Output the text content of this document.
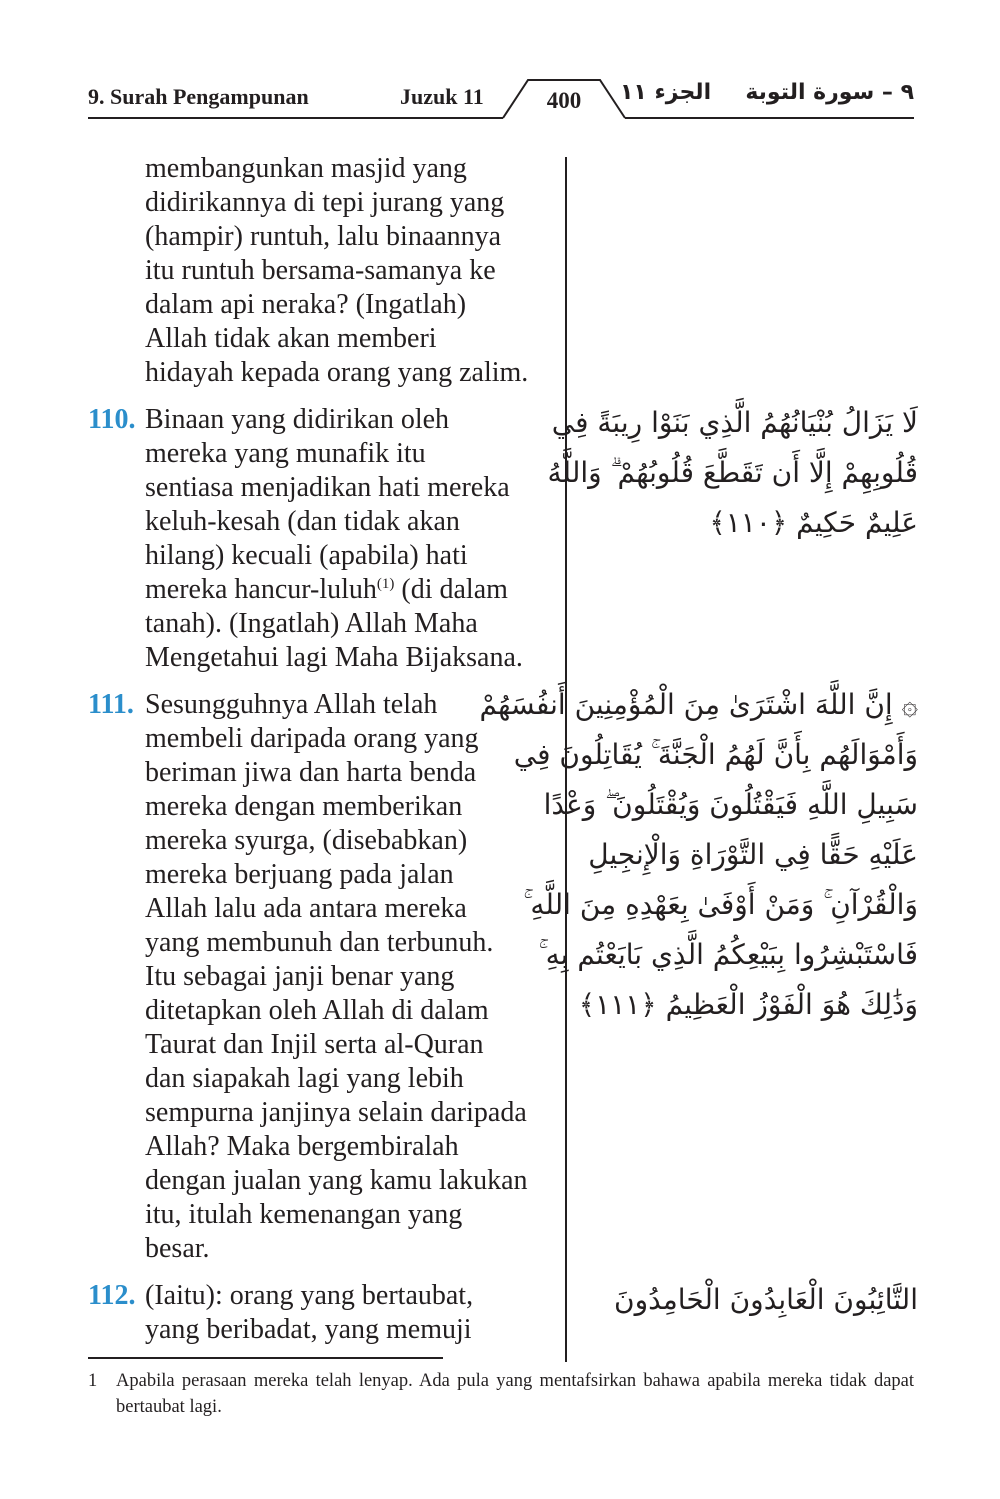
9. Surah Pengampunan	Juzuk 11	400	الجزء ١١ ٩ – سورة التوبة
membangunkan masjid yang
didirikannya di tepi jurang yang
(hampir) runtuh, lalu binaannya
itu runtuh bersama-samanya ke
dalam api neraka? (Ingatlah)
Allah tidak akan memberi
hidayah kepada orang yang zalim.
110. Binaan yang didirikan oleh
mereka yang munafik itu
sentiasa menjadikan hati mereka
keluh-kesah (dan tidak akan
hilang) kecuali (apabila) hati
mereka hancur-luluh$^{(1)}$ (di dalam
tanah). (Ingatlah) Allah Maha
Mengetahui lagi Maha Bijaksana.
111. Sesungguhnya Allah telah
membeli daripada orang yang
beriman jiwa dan harta benda
mereka dengan memberikan
mereka syurga, (disebabkan)
mereka berjuang pada jalan
Allah lalu ada antara mereka
yang membunuh dan terbunuh.
Itu sebagai janji benar yang
ditetapkan oleh Allah di dalam
Taurat dan Injil serta al-Quran
dan siapakah lagi yang lebih
sempurna janjinya selain daripada
Allah? Maka bergembiralah
dengan jualan yang kamu lakukan
itu, itulah kemenangan yang
besar.
112. (Iaitu): orang yang bertaubat,
yang beribadat, yang memuji
لَا يَزَالُ بُنْيَانُهُمُ الَّذِي بَنَوْا رِيبَةً فِي
قُلُوبِهِمْ إِلَّا أَن تَقَطَّعَ قُلُوبُهُمْ ۗ وَاللَّهُ
عَلِيمٌ حَكِيمٌ ﴿١١٠﴾
۞ إِنَّ اللَّهَ اشْتَرَىٰ مِنَ الْمُؤْمِنِينَ أَنفُسَهُمْ
وَأَمْوَالَهُم بِأَنَّ لَهُمُ الْجَنَّةَ ۚ يُقَاتِلُونَ فِي
سَبِيلِ اللَّهِ فَيَقْتُلُونَ وَيُقْتَلُونَ ۖ وَعْدًا
عَلَيْهِ حَقًّا فِي التَّوْرَاةِ وَالْإِنجِيلِ
وَالْقُرْآنِ ۚ وَمَنْ أَوْفَىٰ بِعَهْدِهِ مِنَ اللَّهِ ۚ
فَاسْتَبْشِرُوا بِبَيْعِكُمُ الَّذِي بَايَعْتُم بِهِ ۚ
وَذَٰلِكَ هُوَ الْفَوْزُ الْعَظِيمُ ﴿١١١﴾
التَّائِبُونَ الْعَابِدُونَ الْحَامِدُونَ
1	Apabila perasaan mereka telah lenyap. Ada pula yang mentafsirkan bahawa apabila mereka tidak dapat bertaubat lagi.
